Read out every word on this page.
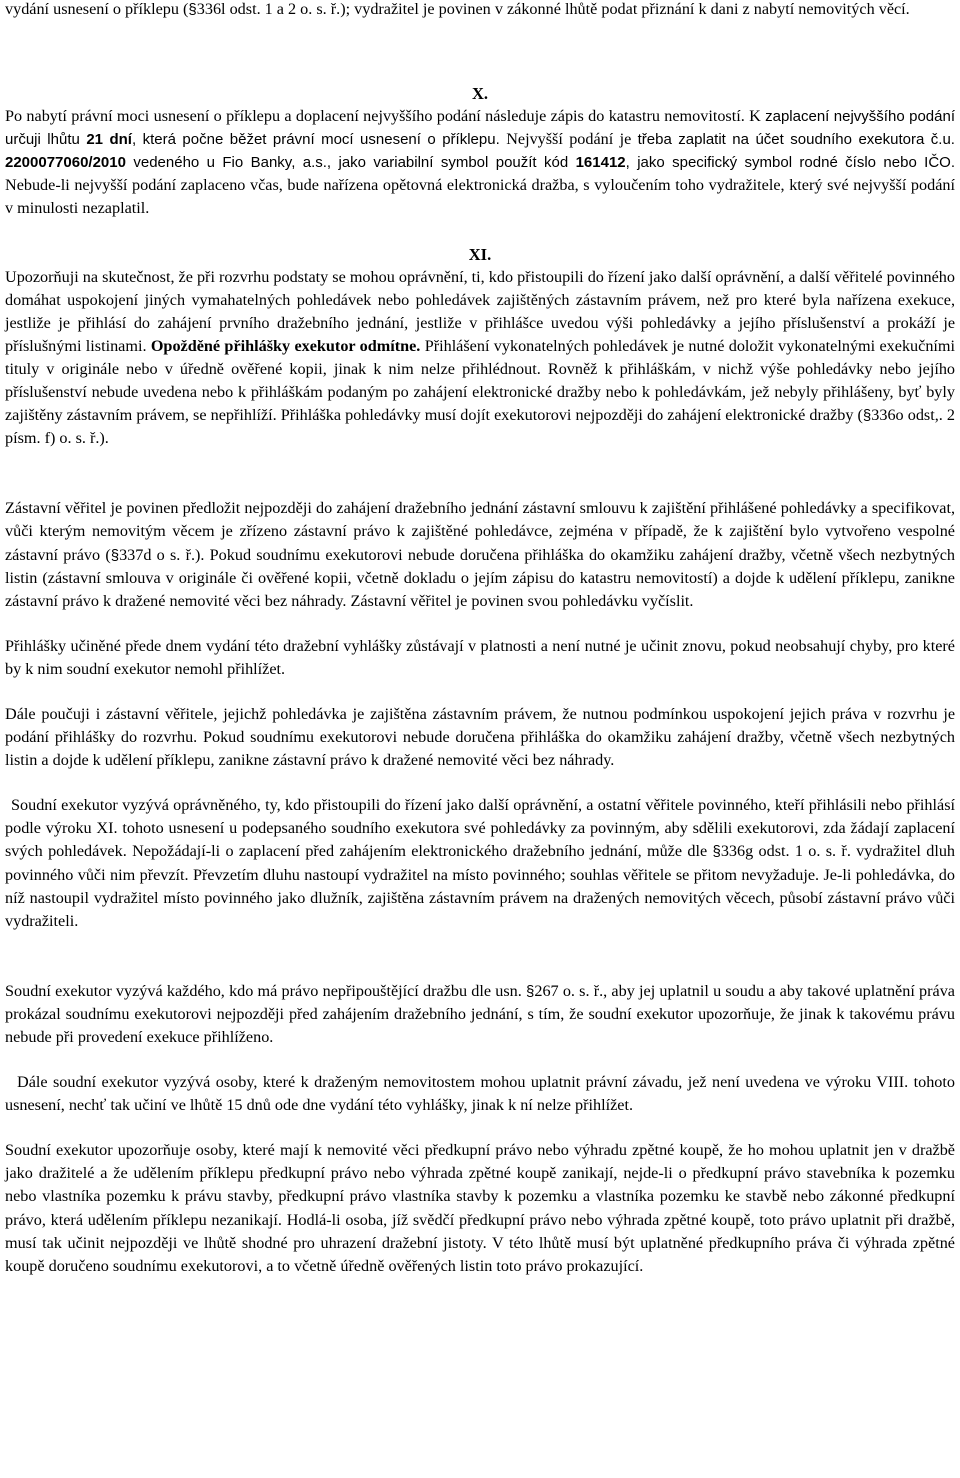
vydání usnesení o příklepu (§336l odst. 1 a 2 o. s. ř.); vydražitel je povinen v zákonné lhůtě podat přiznání k dani z nabytí nemovitých věcí.

X.

Po nabytí právní moci usnesení o příklepu a doplacení nejvyššího podání následuje zápis do katastru nemovitostí. K zaplacení nejvyššího podání určuji lhůtu 21 dní, která počne běžet právní mocí usnesení o příklepu. Nejvyšší podání je třeba zaplatit na účet soudního exekutora č.u. 2200077060/2010 vedeného u Fio Banky, a.s., jako variabilní symbol použít kód 161412, jako specifický symbol rodné číslo nebo IČO. Nebude-li nejvyšší podání zaplaceno včas, bude nařízena opětovná elektronická dražba, s vyloučením toho vydražitele, který své nejvyšší podání v minulosti nezaplatil.

XI.

Upozorňuji na skutečnost, že při rozvrhu podstaty se mohou oprávnění, ti, kdo přistoupili do řízení jako další oprávnění, a další věřitelé povinného domáhat uspokojení jiných vymahatelných pohledávek nebo pohledávek zajištěných zástavním právem, než pro které byla nařízena exekuce, jestliže je přihlásí do zahájení prvního dražebního jednání, jestliže v přihlášce uvedou výši pohledávky a jejího příslušenství a prokáží je příslušnými listinami. Opožděné přihlášky exekutor odmítne. Přihlášení vykonatelných pohledávek je nutné doložit vykonatelnými exekučními tituly v originále nebo v úředně ověřené kopii, jinak k nim nelze přihlédnout. Rovněž k přihláškám, v nichž výše pohledávky nebo jejího příslušenství nebude uvedena nebo k přihláškám podaným po zahájení elektronické dražby nebo k pohledávkám, jež nebyly přihlášeny, byť byly zajištěny zástavním právem, se nepřihlíží. Přihláška pohledávky musí dojít exekutorovi nejpozději do zahájení elektronické dražby (§336o odst,. 2 písm. f) o. s. ř.).

Zástavní věřitel je povinen předložit nejpozději do zahájení dražebního jednání zástavní smlouvu k zajištění přihlášené pohledávky a specifikovat, vůči kterým nemovitým věcem je zřízeno zástavní právo k zajištěné pohledávce, zejména v případě, že k zajištění bylo vytvořeno vespolné zástavní právo (§337d o s. ř.). Pokud soudnímu exekutorovi nebude doručena přihláška do okamžiku zahájení dražby, včetně všech nezbytných listin (zástavní smlouva v originále či ověřené kopii, včetně dokladu o jejím zápisu do katastru nemovitostí) a dojde k udělení příklepu, zanikne zástavní právo k dražené nemovité věci bez náhrady. Zástavní věřitel je povinen svou pohledávku vyčíslit.

Přihlášky učiněné přede dnem vydání této dražební vyhlášky zůstávají v platnosti a není nutné je učinit znovu, pokud neobsahují chyby, pro které by k nim soudní exekutor nemohl přihlížet.

Dále poučuji i zástavní věřitele, jejichž pohledávka je zajištěna zástavním právem, že nutnou podmínkou uspokojení jejich práva v rozvrhu je podání přihlášky do rozvrhu. Pokud soudnímu exekutorovi nebude doručena přihláška do okamžiku zahájení dražby, včetně všech nezbytných listin a dojde k udělení příklepu, zanikne zástavní právo k dražené nemovité věci bez náhrady.

Soudní exekutor vyzývá oprávněného, ty, kdo přistoupili do řízení jako další oprávnění, a ostatní věřitele povinného, kteří přihlásili nebo přihlásí podle výroku XI. tohoto usnesení u podepsaného soudního exekutora své pohledávky za povinným, aby sdělili exekutorovi, zda žádají zaplacení svých pohledávek. Nepožádají-li o zaplacení před zahájením elektronického dražebního jednání, může dle §336g odst. 1 o. s. ř. vydražitel dluh povinného vůči nim převzít. Převzetím dluhu nastoupí vydražitel na místo povinného; souhlas věřitele se přitom nevyžaduje. Je-li pohledávka, do níž nastoupil vydražitel místo povinného jako dlužník, zajištěna zástavním právem na dražených nemovitých věcech, působí zástavní právo vůči vydražiteli.

Soudní exekutor vyzývá každého, kdo má právo nepřipouštějící dražbu dle usn. §267 o. s. ř., aby jej uplatnil u soudu a aby takové uplatnění práva prokázal soudnímu exekutorovi nejpozději před zahájením dražebního jednání, s tím, že soudní exekutor upozorňuje, že jinak k takovému právu nebude při provedení exekuce přihlíženo.

Dále soudní exekutor vyzývá osoby, které k draženým nemovitostem mohou uplatnit právní závadu, jež není uvedena ve výroku VIII. tohoto usnesení, nechť tak učiní ve lhůtě 15 dnů ode dne vydání této vyhlášky, jinak k ní nelze přihlížet.

Soudní exekutor upozorňuje osoby, které mají k nemovité věci předkupní právo nebo výhradu zpětné koupě, že ho mohou uplatnit jen v dražbě jako dražitelé a že udělením příklepu předkupní právo nebo výhrada zpětné koupě zanikají, nejde-li o předkupní právo stavebníka k pozemku nebo vlastníka pozemku k právu stavby, předkupní právo vlastníka stavby k pozemku a vlastníka pozemku ke stavbě nebo zákonné předkupní právo, která udělením příklepu nezanikají. Hodlá-li osoba, jíž svědčí předkupní právo nebo výhrada zpětné koupě, toto právo uplatnit při dražbě, musí tak učinit nejpozději ve lhůtě shodné pro uhrazení dražební jistoty. V této lhůtě musí být uplatněné předkupního práva či výhrada zpětné koupě doručeno soudnímu exekutorovi, a to včetně úředně ověřených listin toto právo prokazující.
